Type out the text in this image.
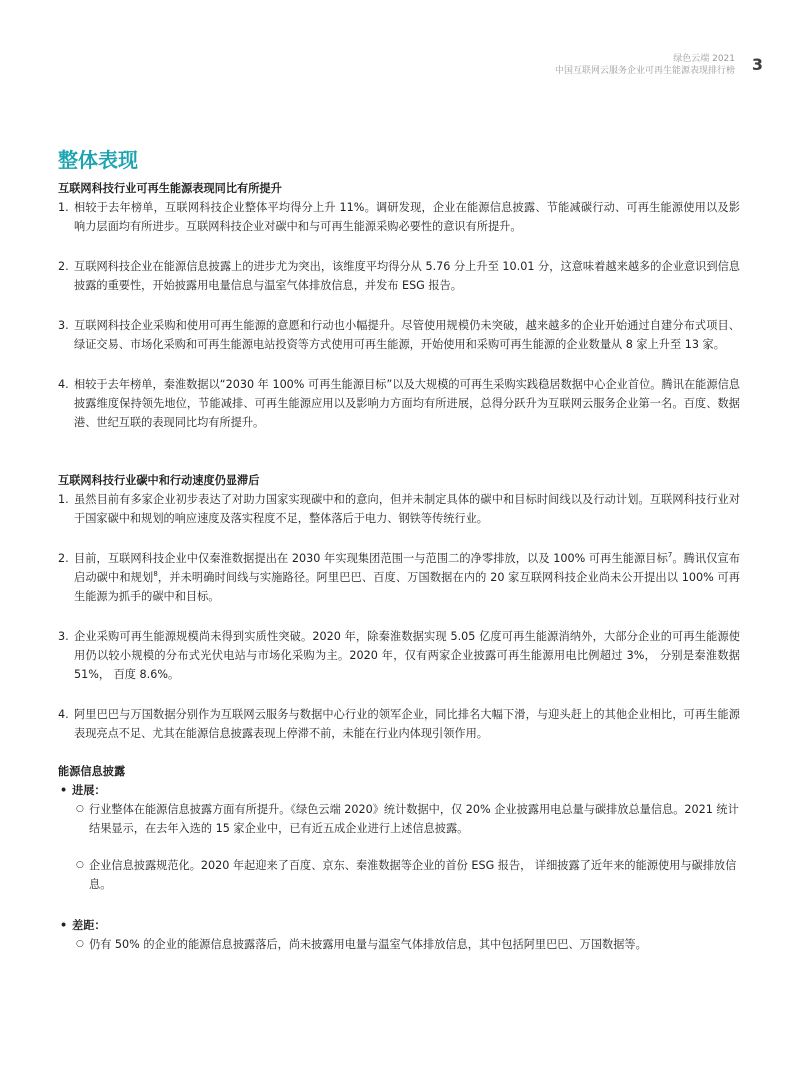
绿色云端 2021
中国互联网云服务企业可再生能源表现排行榜 3
整体表现
互联网科技行业可再生能源表现同比有所提升
1. 相较于去年榜单，互联网科技企业整体平均得分上升 11%。调研发现，企业在能源信息披露、节能减碳行动、可再生能源使用以及影响力层面均有所进步。互联网科技企业对碳中和与可再生能源采购必要性的意识有所提升。
2. 互联网科技企业在能源信息披露上的进步尤为突出，该维度平均得分从 5.76 分上升至 10.01 分，这意味着越来越多的企业意识到信息披露的重要性，开始披露用电量信息与温室气体排放信息，并发布 ESG 报告。
3. 互联网科技企业采购和使用可再生能源的意愿和行动也小幅提升。尽管使用规模仍未突破，越来越多的企业开始通过自建分布式项目、绿证交易、市场化采购和可再生能源电站投资等方式使用可再生能源，开始使用和采购可再生能源的企业数量从 8 家上升至 13 家。
4. 相较于去年榜单，秦淮数据以“2030 年 100% 可再生能源目标”以及大规模的可再生采购实践稳居数据中心企业首位。腾讯在能源信息披露维度保持领先地位，节能减排、可再生能源应用以及影响力方面均有所进展，总得分跃升为互联网云服务企业第一名。百度、数据港、世纪互联的表现同比均有所提升。
互联网科技行业碳中和行动速度仍显滞后
1. 虽然目前有多家企业初步表达了对助力国家实现碳中和的意向，但并未制定具体的碳中和目标时间线以及行动计划。互联网科技行业对于国家碳中和规划的响应速度及落实程度不足，整体落后于电力、钢铁等传统行业。
2. 目前，互联网科技企业中仅秦淮数据提出在 2030 年实现集团范围一与范围二的净零排放，以及 100% 可再生能源目标$^7$。腾讯仅宣布启动碳中和规划$^8$，并未明确时间线与实施路径。阿里巴巴、百度、万国数据在内的 20 家互联网科技企业尚未公开提出以 100% 可再生能源为抓手的碳中和目标。
3. 企业采购可再生能源规模尚未得到实质性突破。2020 年，除秦淮数据实现 5.05 亿度可再生能源消纳外，大部分企业的可再生能源使用仍以较小规模的分布式光伏电站与市场化采购为主。2020 年，仅有两家企业披露可再生能源用电比例超过 3%， 分别是秦淮数据 51%， 百度 8.6%。
4. 阿里巴巴与万国数据分别作为互联网云服务与数据中心行业的领军企业，同比排名大幅下滑，与迎头赶上的其他企业相比，可再生能源表现亮点不足、尤其在能源信息披露表现上停滞不前，未能在行业内体现引领作用。
能源信息披露
• 进展：
○ 行业整体在能源信息披露方面有所提升。《绿色云端 2020》统计数据中，仅 20% 企业披露用电总量与碳排放总量信息。2021 统计结果显示，在去年入选的 15 家企业中，已有近五成企业进行上述信息披露。
○ 企业信息披露规范化。2020 年起迎来了百度、京东、秦淮数据等企业的首份 ESG 报告， 详细披露了近年来的能源使用与碳排放信息。
• 差距：
○ 仍有 50% 的企业的能源信息披露落后，尚未披露用电量与温室气体排放信息，其中包括阿里巴巴、万国数据等。
